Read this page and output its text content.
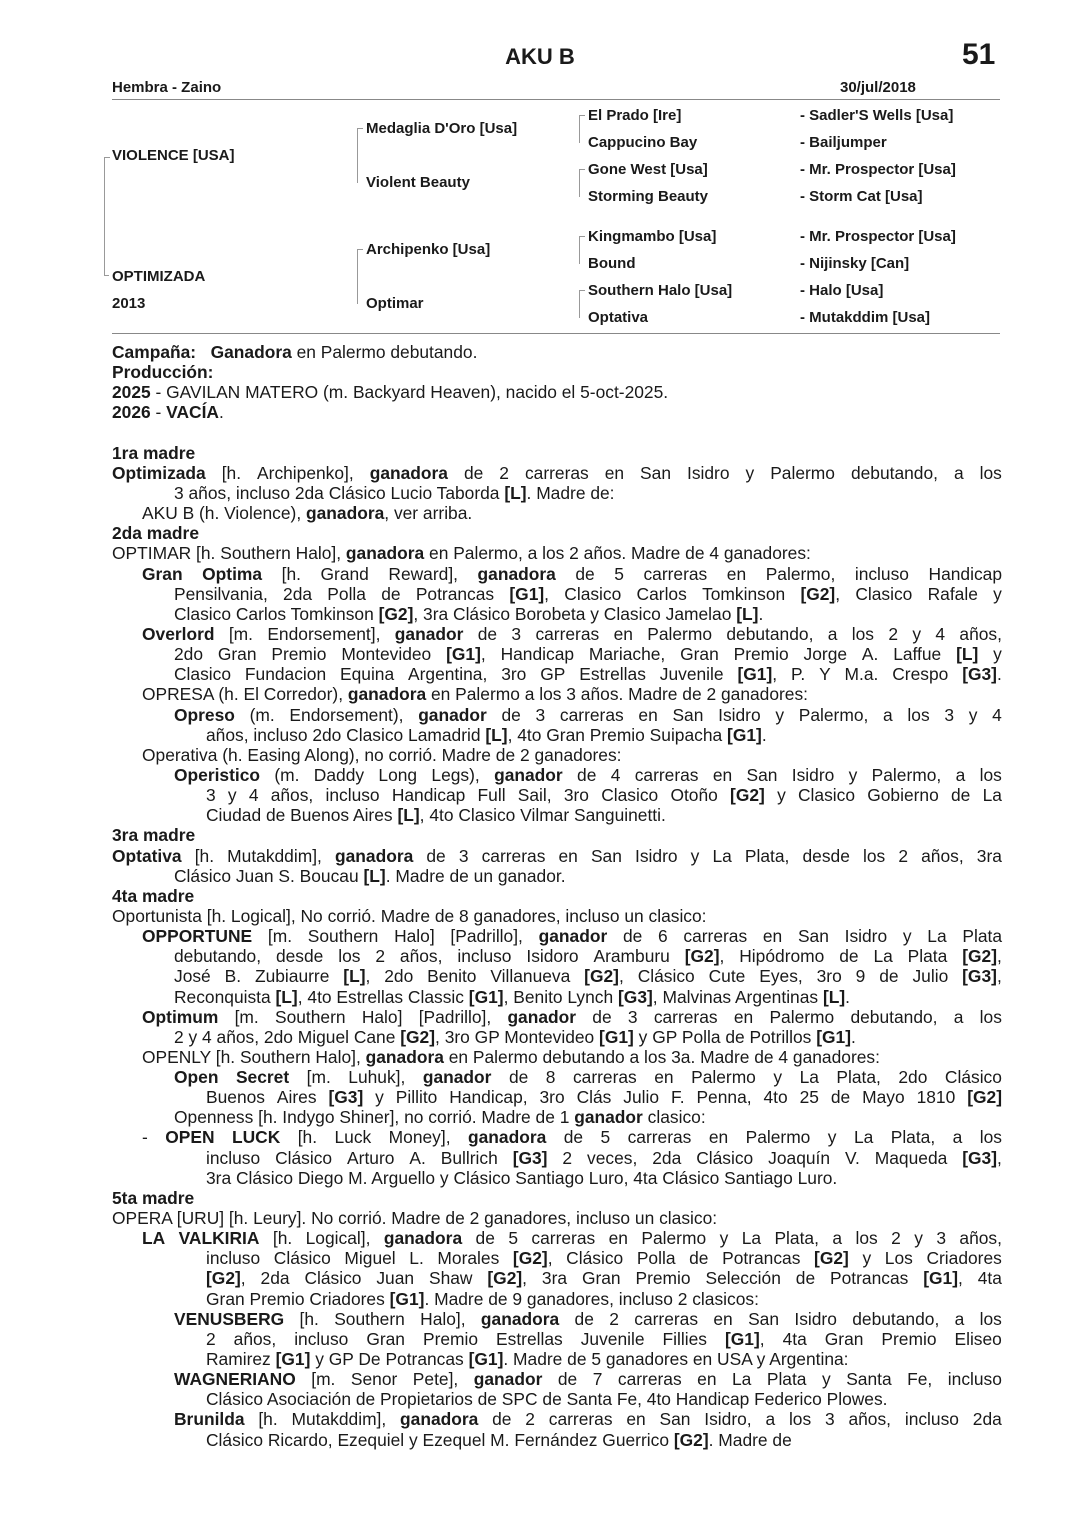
AKU B	51
Hembra - Zaino	30/jul/2018
VIOLENCE [USA]
OPTIMIZADA
2013
Medaglia D'Oro [Usa]
Violent Beauty
Archipenko [Usa]
Optimar
El Prado [Ire]
Cappucino Bay
Gone West [Usa]
Storming Beauty
Kingmambo [Usa]
Bound
Southern Halo [Usa]
Optativa
- Sadler'S Wells [Usa]
- Bailjumper
- Mr. Prospector [Usa]
- Storm Cat [Usa]
- Mr. Prospector [Usa]
- Nijinsky [Can]
- Halo [Usa]
- Mutakddim [Usa]
Campaña:   Ganadora en Palermo debutando.
Producción:
2025 - GAVILAN MATERO (m. Backyard Heaven), nacido el 5-oct-2025.
2026 - VACÍA.

1ra madre
Optimizada [h. Archipenko], ganadora de 2 carreras en San Isidro y Palermo debutando, a los
3 años, incluso 2da Clásico Lucio Taborda [L]. Madre de:
AKU B (h. Violence), ganadora, ver arriba.
2da madre
OPTIMAR [h. Southern Halo], ganadora en Palermo, a los 2 años. Madre de 4 ganadores:
Gran Optima [h. Grand Reward], ganadora de 5 carreras en Palermo, incluso Handicap
Pensilvania, 2da Polla de Potrancas [G1], Clasico Carlos Tomkinson [G2], Clasico Rafale y
Clasico Carlos Tomkinson [G2], 3ra Clásico Borobeta y Clasico Jamelao [L].
Overlord [m. Endorsement], ganador de 3 carreras en Palermo debutando, a los 2 y 4 años,
2do Gran Premio Montevideo [G1], Handicap Mariache, Gran Premio Jorge A. Laffue [L] y
Clasico Fundacion Equina Argentina, 3ro GP Estrellas Juvenile [G1], P. Y M.a. Crespo [G3].
OPRESA (h. El Corredor), ganadora en Palermo a los 3 años. Madre de 2 ganadores:
Opreso (m. Endorsement), ganador de 3 carreras en San Isidro y Palermo, a los 3 y 4
años, incluso 2do Clasico Lamadrid [L], 4to Gran Premio Suipacha [G1].
Operativa (h. Easing Along), no corrió. Madre de 2 ganadores:
Operistico (m. Daddy Long Legs), ganador de 4 carreras en San Isidro y Palermo, a los
3 y 4 años, incluso Handicap Full Sail, 3ro Clasico Otoño [G2] y Clasico Gobierno de La
Ciudad de Buenos Aires [L], 4to Clasico Vilmar Sanguinetti.
3ra madre
Optativa [h. Mutakddim], ganadora de 3 carreras en San Isidro y La Plata, desde los 2 años, 3ra
Clásico Juan S. Boucau [L]. Madre de un ganador.
4ta madre
Oportunista [h. Logical], No corrió. Madre de 8 ganadores, incluso un clasico:
OPPORTUNE [m. Southern Halo] [Padrillo], ganador de 6 carreras en San Isidro y La Plata
debutando, desde los 2 años, incluso Isidoro Aramburu [G2], Hipódromo de La Plata [G2],
José B. Zubiaurre [L], 2do Benito Villanueva [G2], Clásico Cute Eyes, 3ro 9 de Julio [G3],
Reconquista [L], 4to Estrellas Classic [G1], Benito Lynch [G3], Malvinas Argentinas [L].
Optimum [m. Southern Halo] [Padrillo], ganador de 3 carreras en Palermo debutando, a los
2 y 4 años, 2do Miguel Cane [G2], 3ro GP Montevideo [G1] y GP Polla de Potrillos [G1].
OPENLY [h. Southern Halo], ganadora en Palermo debutando a los 3a. Madre de 4 ganadores:
Open Secret [m. Luhuk], ganador de 8 carreras en Palermo y La Plata, 2do Clásico
Buenos Aires [G3] y Pillito Handicap, 3ro Clás Julio F. Penna, 4to 25 de Mayo 1810 [G2]
Openness [h. Indygo Shiner], no corrió. Madre de 1 ganador clasico:
- OPEN LUCK [h. Luck Money], ganadora de 5 carreras en Palermo y La Plata, a los
incluso Clásico Arturo A. Bullrich [G3] 2 veces, 2da Clásico Joaquín V. Maqueda [G3],
3ra Clásico Diego M. Arguello y Clásico Santiago Luro, 4ta Clásico Santiago Luro.
5ta madre
OPERA [URU] [h. Leury]. No corrió. Madre de 2 ganadores, incluso un clasico:
LA VALKIRIA [h. Logical], ganadora de 5 carreras en Palermo y La Plata, a los 2 y 3 años,
incluso Clásico Miguel L. Morales [G2], Clásico Polla de Potrancas [G2] y Los Criadores
[G2], 2da Clásico Juan Shaw [G2], 3ra Gran Premio Selección de Potrancas [G1], 4ta
Gran Premio Criadores [G1]. Madre de 9 ganadores, incluso 2 clasicos:
VENUSBERG [h. Southern Halo], ganadora de 2 carreras en San Isidro debutando, a los
2 años, incluso Gran Premio Estrellas Juvenile Fillies [G1], 4ta Gran Premio Eliseo
Ramirez [G1] y GP De Potrancas [G1]. Madre de 5 ganadores en USA y Argentina:
WAGNERIANO [m. Senor Pete], ganador de 7 carreras en La Plata y Santa Fe, incluso
Clásico Asociación de Propietarios de SPC de Santa Fe, 4to Handicap Federico Plowes.
Brunilda [h. Mutakddim], ganadora de 2 carreras en San Isidro, a los 3 años, incluso 2da
Clásico Ricardo, Ezequiel y Ezequel M. Fernández Guerrico [G2]. Madre de
